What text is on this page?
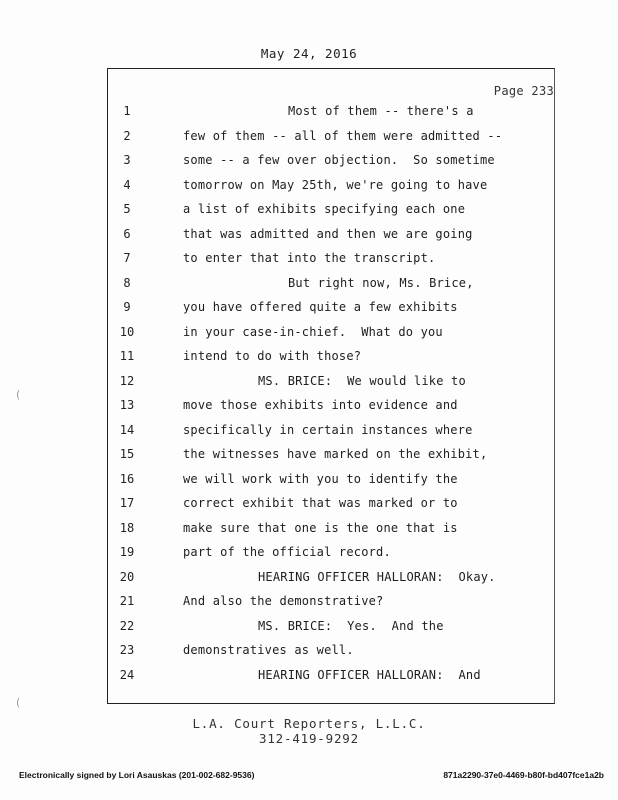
May 24, 2016
Page 233
1	Most of them -- there's a
2	few of them -- all of them were admitted --
3	some -- a few over objection.  So sometime
4	tomorrow on May 25th, we're going to have
5	a list of exhibits specifying each one
6	that was admitted and then we are going
7	to enter that into the transcript.
8	But right now, Ms. Brice,
9	you have offered quite a few exhibits
10	in your case-in-chief.  What do you
11	intend to do with those?
12	MS. BRICE:  We would like to
13	move those exhibits into evidence and
14	specifically in certain instances where
15	the witnesses have marked on the exhibit,
16	we will work with you to identify the
17	correct exhibit that was marked or to
18	make sure that one is the one that is
19	part of the official record.
20	HEARING OFFICER HALLORAN:  Okay.
21	And also the demonstrative?
22	MS. BRICE:  Yes.  And the
23	demonstratives as well.
24	HEARING OFFICER HALLORAN:  And
(
(
L.A. Court Reporters, L.L.C.
312-419-9292
Electronically signed by Lori Asauskas (201-002-682-9536)	871a2290-37e0-4469-b80f-bd407fce1a2b
